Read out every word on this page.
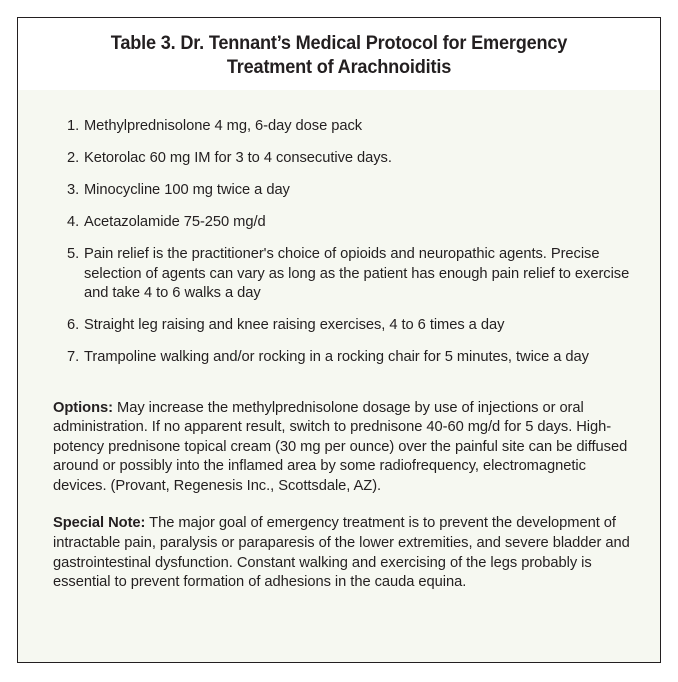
Table 3. Dr. Tennant’s Medical Protocol for Emergency Treatment of Arachnoiditis
1. Methylprednisolone 4 mg, 6-day dose pack
2. Ketorolac 60 mg IM for 3 to 4 consecutive days.
3. Minocycline 100 mg twice a day
4. Acetazolamide 75-250 mg/d
5. Pain relief is the practitioner's choice of opioids and neuropathic agents. Precise selection of agents can vary as long as the patient has enough pain relief to exercise and take 4 to 6 walks a day
6. Straight leg raising and knee raising exercises, 4 to 6 times a day
7. Trampoline walking and/or rocking in a rocking chair for 5 minutes, twice a day

Options: May increase the methylprednisolone dosage by use of injections or oral administration. If no apparent result, switch to prednisone 40-60 mg/d for 5 days. High-potency prednisone topical cream (30 mg per ounce) over the painful site can be diffused around or possibly into the inflamed area by some radiofrequency, electromagnetic devices. (Provant, Regenesis Inc., Scottsdale, AZ).

Special Note: The major goal of emergency treatment is to prevent the development of intractable pain, paralysis or paraparesis of the lower extremities, and severe bladder and gastrointestinal dysfunction. Constant walking and exercising of the legs probably is essential to prevent formation of adhesions in the cauda equina.
